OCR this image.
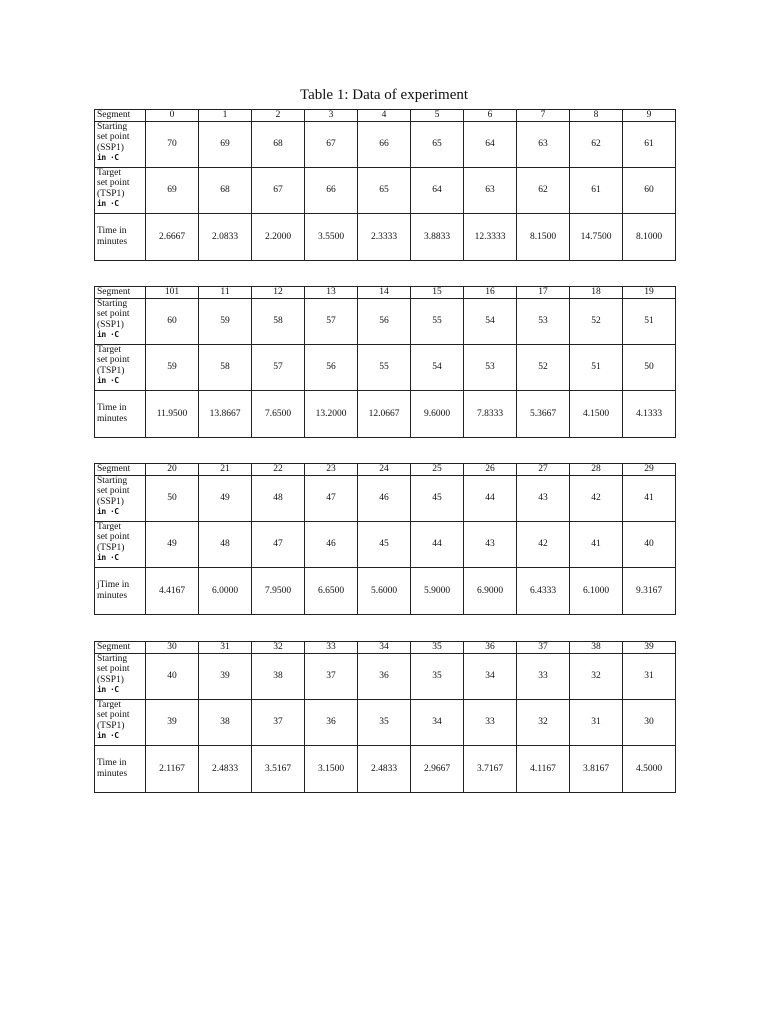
Table 1: Data of experiment
Segment	0	1	2	3	4	5	6	7	8	9
Starting
set point
(SSP1)
in ·C	70	69	68	67	66	65	64	63	62	61
Target
set point
(TSP1)
in ·C	69	68	67	66	65	64	63	62	61	60
Time in
minutes	2.6667	2.0833	2.2000	3.5500	2.3333	3.8833	12.3333	8.1500	14.7500	8.1000
Segment	101	11	12	13	14	15	16	17	18	19
Starting
set point
(SSP1)
in ·C	60	59	58	57	56	55	54	53	52	51
Target
set point
(TSP1)
in ·C	59	58	57	56	55	54	53	52	51	50
Time in
minutes	11.9500	13.8667	7.6500	13.2000	12.0667	9.6000	7.8333	5.3667	4.1500	4.1333
Segment	20	21	22	23	24	25	26	27	28	29
Starting
set point
(SSP1)
in ·C	50	49	48	47	46	45	44	43	42	41
Target
set point
(TSP1)
in ·C	49	48	47	46	45	44	43	42	41	40
jTime in
minutes	4.4167	6.0000	7.9500	6.6500	5.6000	5.9000	6.9000	6.4333	6.1000	9.3167
Segment	30	31	32	33	34	35	36	37	38	39
Starting
set point
(SSP1)
in ·C	40	39	38	37	36	35	34	33	32	31
Target
set point
(TSP1)
in ·C	39	38	37	36	35	34	33	32	31	30
Time in
minutes	2.1167	2.4833	3.5167	3.1500	2.4833	2.9667	3.7167	4.1167	3.8167	4.5000
